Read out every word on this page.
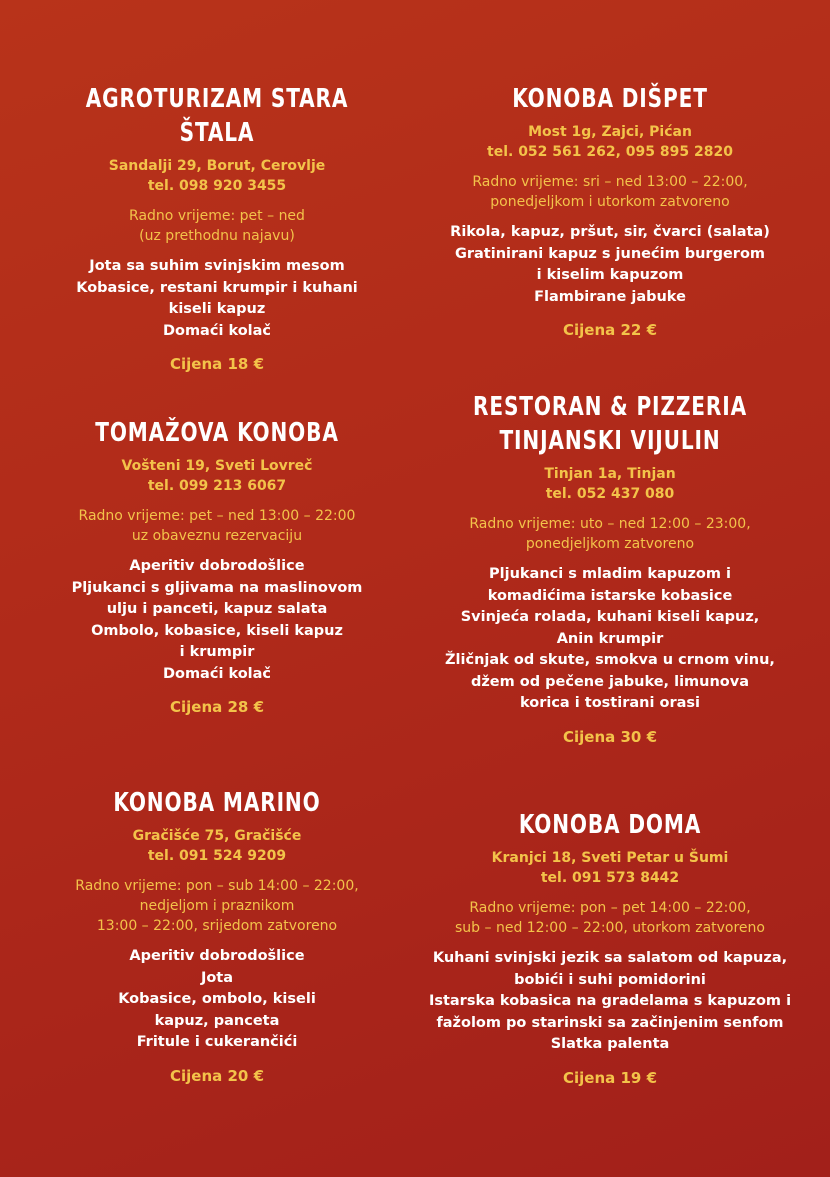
AGROTURIZAM STARA ŠTALA
Sandalji 29, Borut, Cerovlje
tel. 098 920 3455
Radno vrijeme: pet – ned
(uz prethodnu najavu)
Jota sa suhim svinjskim mesom
Kobasice, restani krumpir i kuhani
kiseli kapuz
Domaći kolač
Cijena 18 €
TOMAŽOVA KONOBA
Vošteni 19, Sveti Lovreč
tel. 099 213 6067
Radno vrijeme: pet – ned 13:00 – 22:00
uz obaveznu rezervaciju
Aperitiv dobrodošlice
Pljukanci s gljivama na maslinovom
ulju i panceti, kapuz salata
Ombolo, kobasice, kiseli kapuz
i krumpir
Domaći kolač
Cijena 28 €
KONOBA MARINO
Gračišće 75, Gračišće
tel. 091 524 9209
Radno vrijeme: pon – sub 14:00 – 22:00,
nedjeljom i praznikom
13:00 – 22:00, srijedom zatvoreno
Aperitiv dobrodošlice
Jota
Kobasice, ombolo, kiseli
kapuz, panceta
Fritule i cukerančići
Cijena 20 €
KONOBA DIŠPET
Most 1g, Zajci, Pićan
tel. 052 561 262, 095 895 2820
Radno vrijeme: sri – ned 13:00 – 22:00,
ponedjeljkom i utorkom zatvoreno
Rikola, kapuz, pršut, sir, čvarci (salata)
Gratinirani kapuz s junećim burgerom
i kiselim kapuzom
Flambirane jabuke
Cijena 22 €
RESTORAN & PIZZERIA
TINJANSKI VIJULIN
Tinjan 1a, Tinjan
tel. 052 437 080
Radno vrijeme: uto – ned 12:00 – 23:00,
ponedjeljkom zatvoreno
Pljukanci s mladim kapuzom i
komadićima istarske kobasice
Svinjeća rolada, kuhani kiseli kapuz,
Anin krumpir
Žličnjak od skute, smokva u crnom vinu,
džem od pečene jabuke, limunova
korica i tostirani orasi
Cijena 30 €
KONOBA DOMA
Kranjci 18, Sveti Petar u Šumi
tel. 091 573 8442
Radno vrijeme: pon – pet 14:00 – 22:00,
sub – ned 12:00 – 22:00, utorkom zatvoreno
Kuhani svinjski jezik sa salatom od kapuza,
bobići i suhi pomidorini
Istarska kobasica na gradelama s kapuzom i
fažolom po starinski sa začinjenim senfom
Slatka palenta
Cijena 19 €
